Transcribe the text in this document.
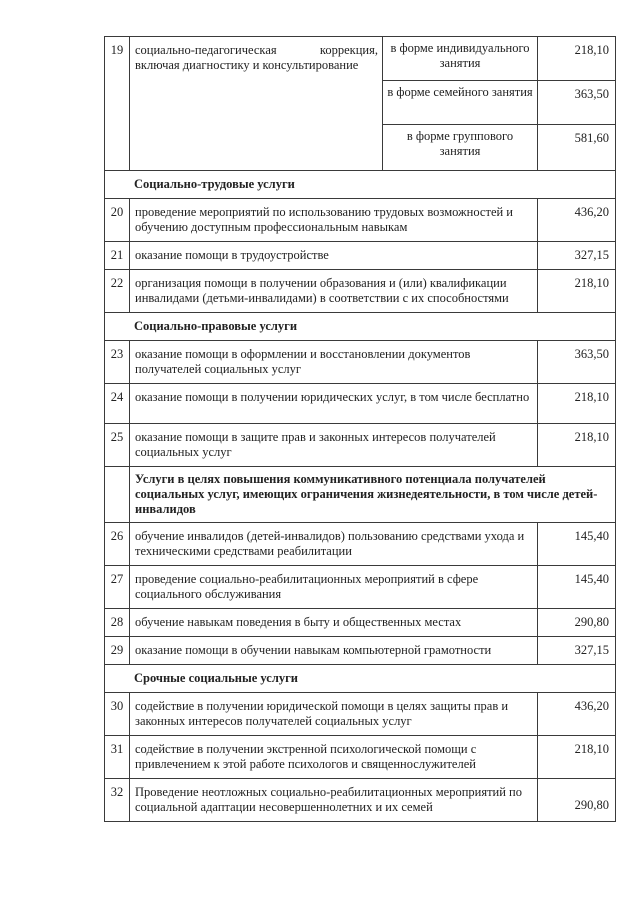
19	социально-педагогическая коррекция, включая диагностику и консультирование	в форме индивидуального занятия	218,10
		в форме семейного занятия	363,50
		в форме группового занятия	581,60
Социально-трудовые услуги			
20	проведение мероприятий по использованию трудовых возможностей и обучению доступным профессиональным навыкам		436,20
21	оказание помощи в трудоустройстве		327,15
22	организация помощи в получении образования и (или) квалификации инвалидами (детьми-инвалидами) в соответствии с их способностями		218,10
Социально-правовые услуги			
23	оказание помощи в оформлении и восстановлении документов получателей социальных услуг		363,50
24	оказание помощи в получении юридических услуг, в том числе бесплатно		218,10
25	оказание помощи в защите прав и законных интересов получателей социальных услуг		218,10
	Услуги в целях повышения коммуникативного потенциала получателей социальных услуг, имеющих ограничения жизнедеятельности, в том числе детей-инвалидов		
26	обучение инвалидов (детей-инвалидов) пользованию средствами ухода и техническими средствами реабилитации		145,40
27	проведение социально-реабилитационных мероприятий в сфере социального обслуживания		145,40
28	обучение навыкам поведения в быту и общественных местах		290,80
29	оказание помощи в обучении навыкам компьютерной грамотности		327,15
Срочные социальные услуги			
30	содействие в получении юридической помощи в целях защиты прав и законных интересов получателей социальных услуг		436,20
31	содействие в получении экстренной психологической помощи с привлечением к этой работе психологов и священнослужителей		218,10
32	Проведение неотложных социально-реабилитационных мероприятий по социальной адаптации несовершеннолетних и их семей		290,80
